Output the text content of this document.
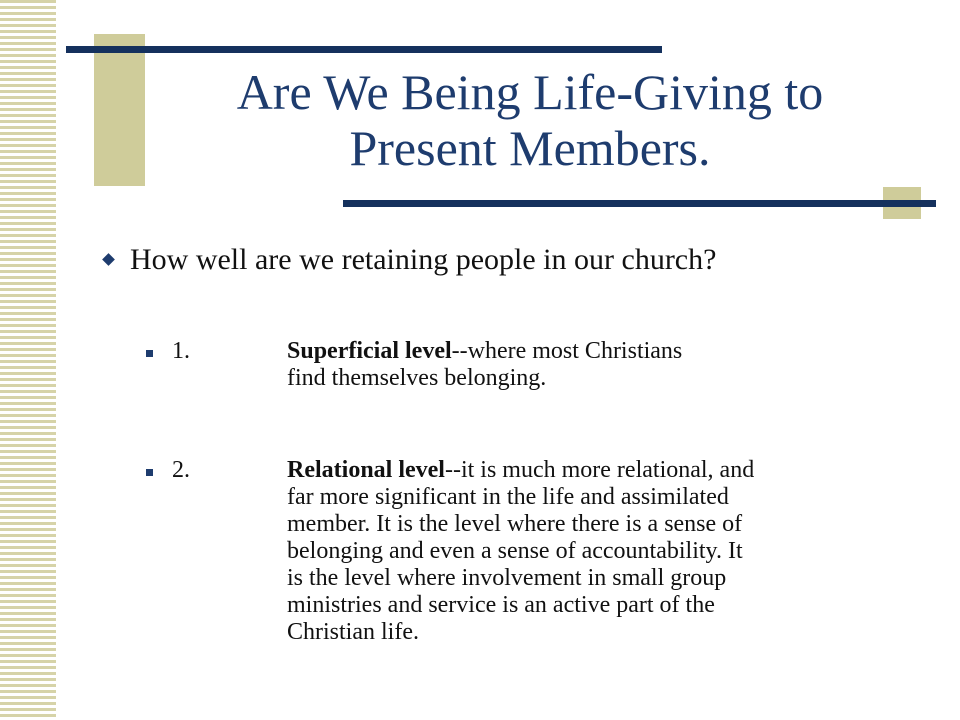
Are We Being Life-Giving to
Present Members.
How well are we retaining people in our church?
1.	Superficial level--where most Christians
find themselves belonging.
2.	Relational level--it is much more relational, and
far more significant in the life and assimilated
member. It is the level where there is a sense of
belonging and even a sense of accountability. It
is the level where involvement in small group
ministries and service is an active part of the
Christian life.
